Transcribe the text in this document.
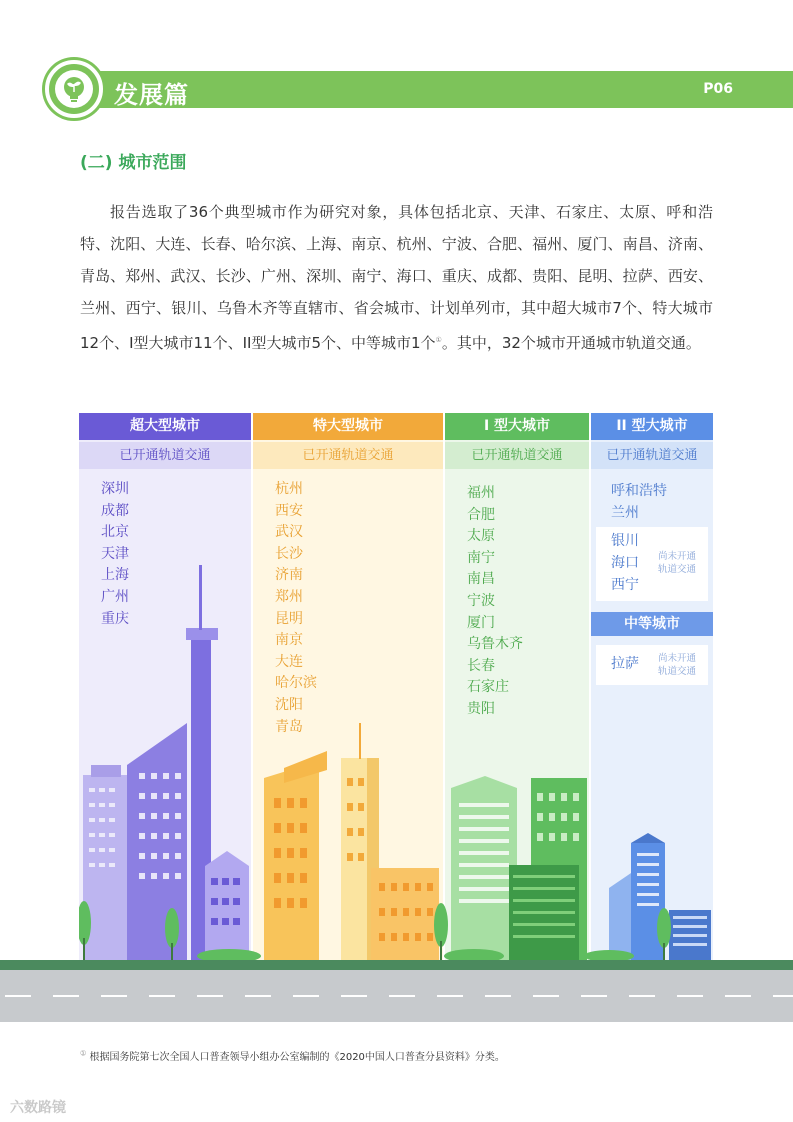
发展篇	P06
(二) 城市范围

报告选取了36个典型城市作为研究对象，具体包括北京、天津、石家庄、太原、呼和浩特、沈阳、大连、长春、哈尔滨、上海、南京、杭州、宁波、合肥、福州、厦门、南昌、济南、青岛、郑州、武汉、长沙、广州、深圳、南宁、海口、重庆、成都、贵阳、昆明、拉萨、西安、兰州、西宁、银川、乌鲁木齐等直辖市、省会城市、计划单列市，其中超大城市7个、特大城市12个、Ⅰ型大城市11个、II型大城市5个、中等城市1个①。其中，32个城市开通城市轨道交通。

超大型城市
已开通轨道交通
深圳
成都
北京
天津
上海
广州
重庆
特大型城市
已开通轨道交通
杭州
西安
武汉
长沙
济南
郑州
昆明
南京
大连
哈尔滨
沈阳
青岛
Ⅰ 型大城市
已开通轨道交通
福州
合肥
太原
南宁
南昌
宁波
厦门
乌鲁木齐
长春
石家庄
贵阳
II 型大城市
已开通轨道交通
呼和浩特
兰州
银川
海口
西宁
尚未开通
轨道交通
中等城市
拉萨 尚未开通
轨道交通
① 根据国务院第七次全国人口普查领导小组办公室编制的《2020中国人口普查分县资料》分类。
六数路镜
